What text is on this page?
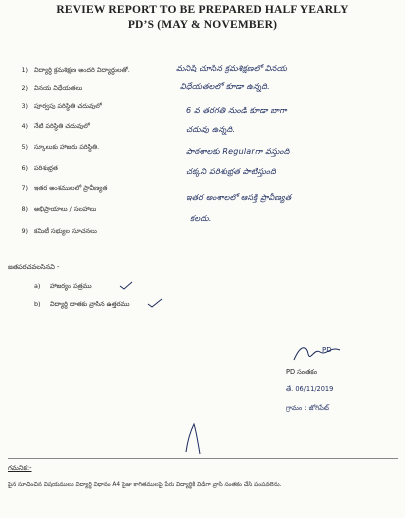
REVIEW REPORT TO BE PREPARED HALF YEARLY
PD’S (MAY & NOVEMBER)
1) విద్యార్థి క్రమశిక్షణ అందరి విద్యార్థులతో.
2) వినయ విధేయతలు
3) పూర్వపు పరిస్థితి చదువులో
4) నేటి పరిస్థితి చదువులో
5) స్కూలుకు హాజరు పరిస్థితి.
6) పరిశుభ్రత
7) ఇతర అంశములలో ప్రావీణ్యత
8) అభిప్రాయాలు / సలహాలు
9) కమిటీ సభ్యుల సూచనలు
మనిషి చూసిన క్రమశిక్షణలో వినయ
విధేయతలలో కూడా ఉన్నది.
6 వ తరగతి నుండి కూడా బాగా
చదువు ఉన్నది.
పాఠశాలకు Regularగా వస్తుంది
చక్కని పరిశుభ్రత పాటిస్తుంది
ఇతర అంశాలలో ఆసక్తి ప్రావీణ్యత
కలదు.
జతపరచవలసినవి -
a) హాజర్యం పత్రము
b) విద్యార్థి దాతకు వ్రాసిన ఉత్తరము
PD
PD సంతకం
తే. 06/11/2019
గ్రామం : జోగిపేట్
గమనిక:-
పైన సూచించిన విషయములు విద్యార్థి విధానం A4 సైజు కాగితములపై పేరు విద్యార్థికి విడిగా వ్రాసి సంతకం చేసి పంపవలెను.
